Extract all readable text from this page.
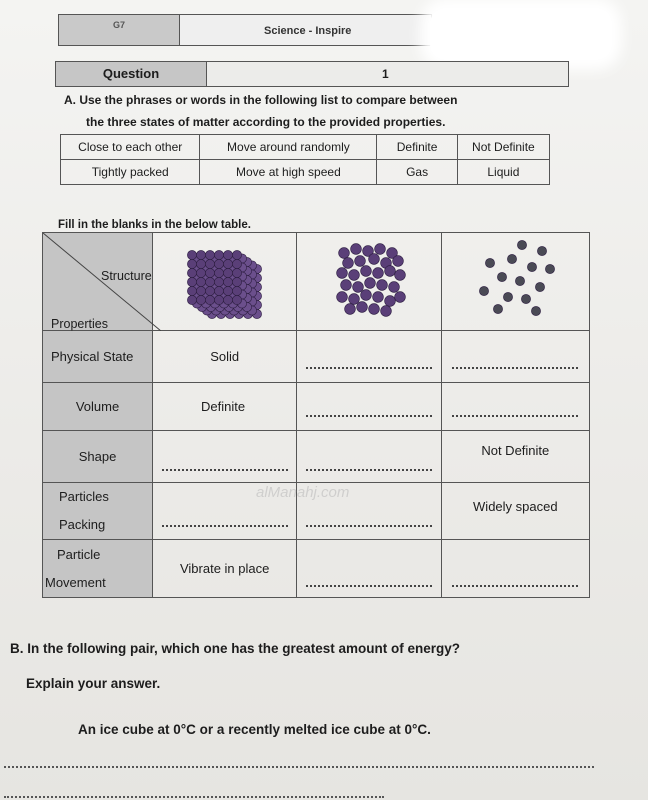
G7	Science - Inspire
Question	1
A. Use the phrases or words in the following list to compare between
the three states of matter according to the provided properties.
Close to each other	Move around randomly	Definite	Not Definite
Tightly packed	Move at high speed	Gas	Liquid
Fill in the blanks in the below table.
Structure
Properties

Physical State	Solid	

Volume	Definite	

Shape			Not Definite

Particles
Packing			Widely spaced

Particle
Movement	Vibrate in place	

alManahj.com
B. In the following pair, which one has the greatest amount of energy?
Explain your answer.
An ice cube at 0°C or a recently melted ice cube at 0°C.
